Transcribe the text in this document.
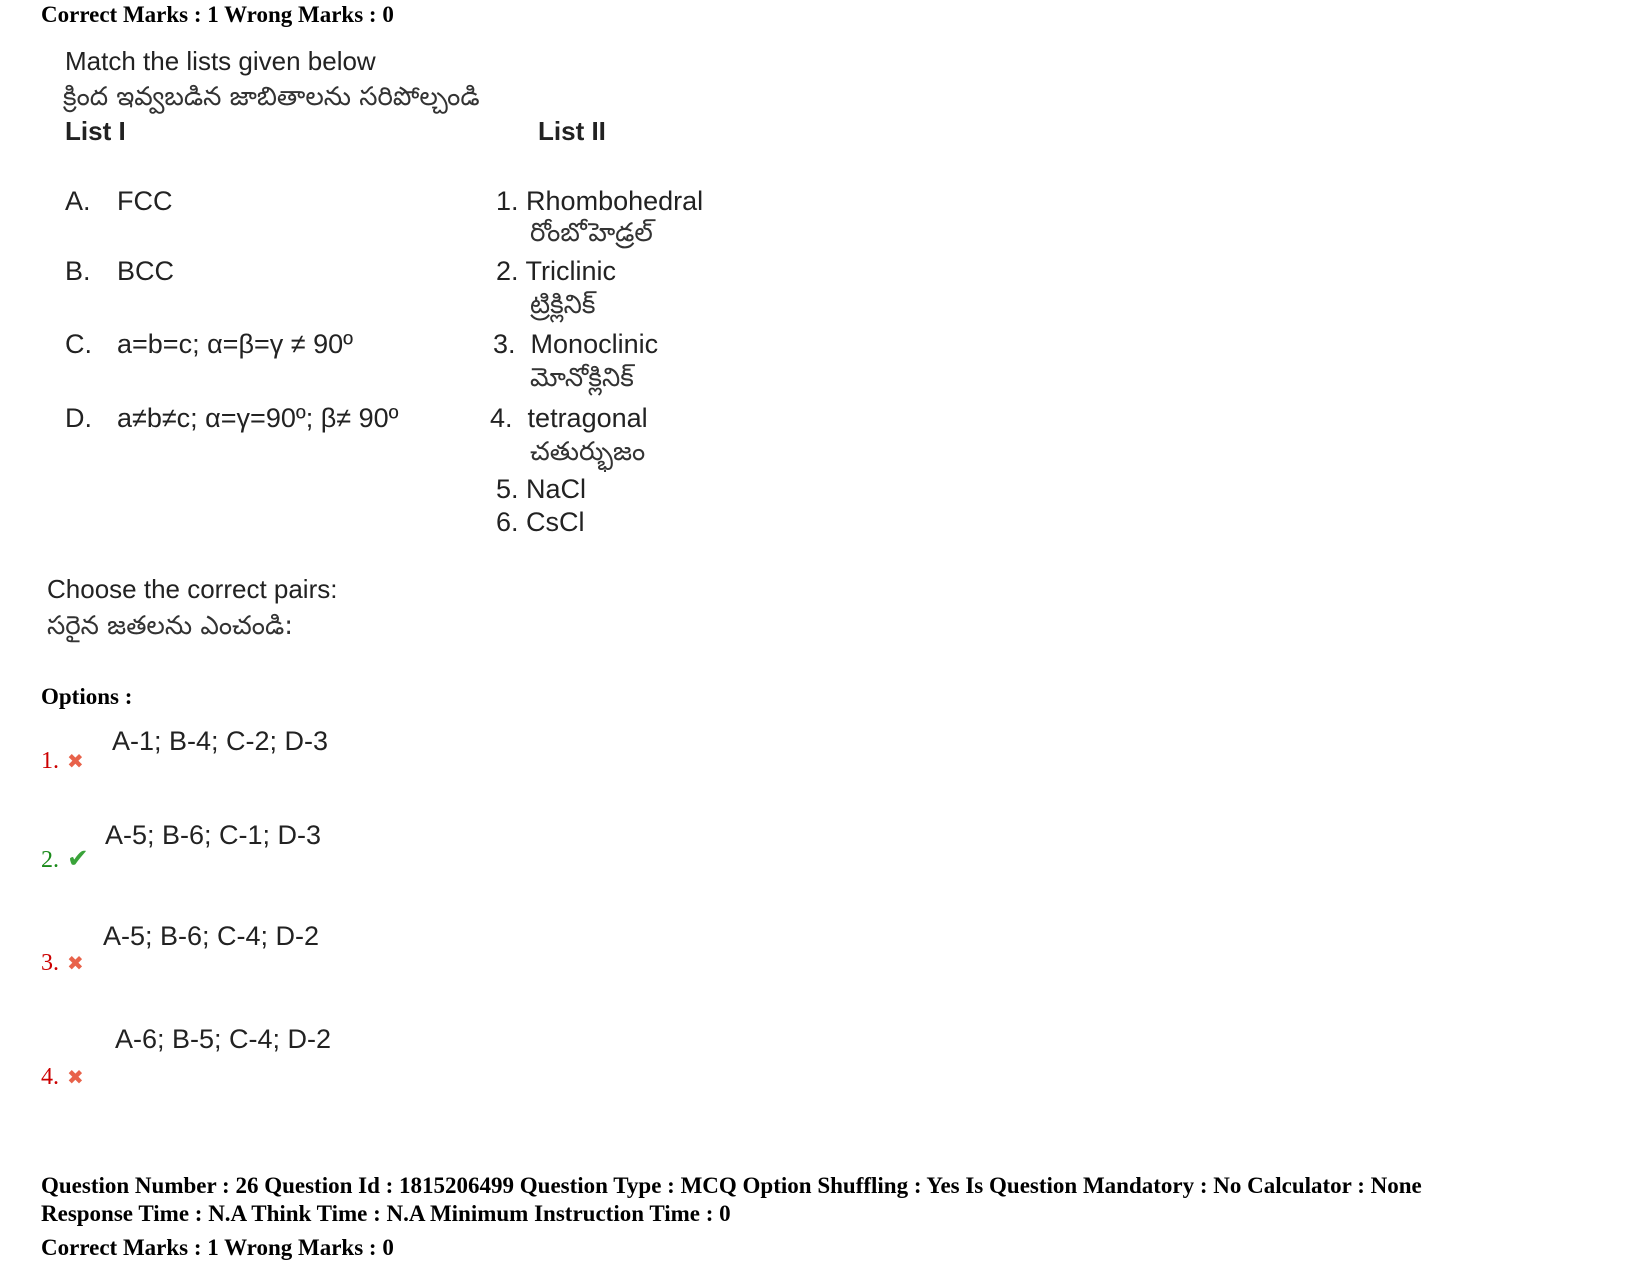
Correct Marks : 1 Wrong Marks : 0
Match the lists given below
క్రింద ఇవ్వబడిన జాబితాలను సరిపోల్చండి
List I	List II
A. FCC
B. BCC
C. a=b=c; α=β=γ ≠ 90º
D. a≠b≠c; α=γ=90º; β≠ 90º
1. Rhombohedral
రోంబోహెడ్రల్
2. Triclinic
ట్రిక్లినిక్
3. Monoclinic
మోనోక్లినిక్
4. tetragonal
చతుర్భుజం
5. NaCl
6. CsCl
Choose the correct pairs:
సరైన జతలను ఎంచండి:
Options :
A-1; B-4; C-2; D-3
1. ✖
A-5; B-6; C-1; D-3
2. ✔
A-5; B-6; C-4; D-2
3. ✖
A-6; B-5; C-4; D-2
4. ✖
Question Number : 26 Question Id : 1815206499 Question Type : MCQ Option Shuffling : Yes Is Question Mandatory : No Calculator : None
Response Time : N.A Think Time : N.A Minimum Instruction Time : 0
Correct Marks : 1 Wrong Marks : 0
